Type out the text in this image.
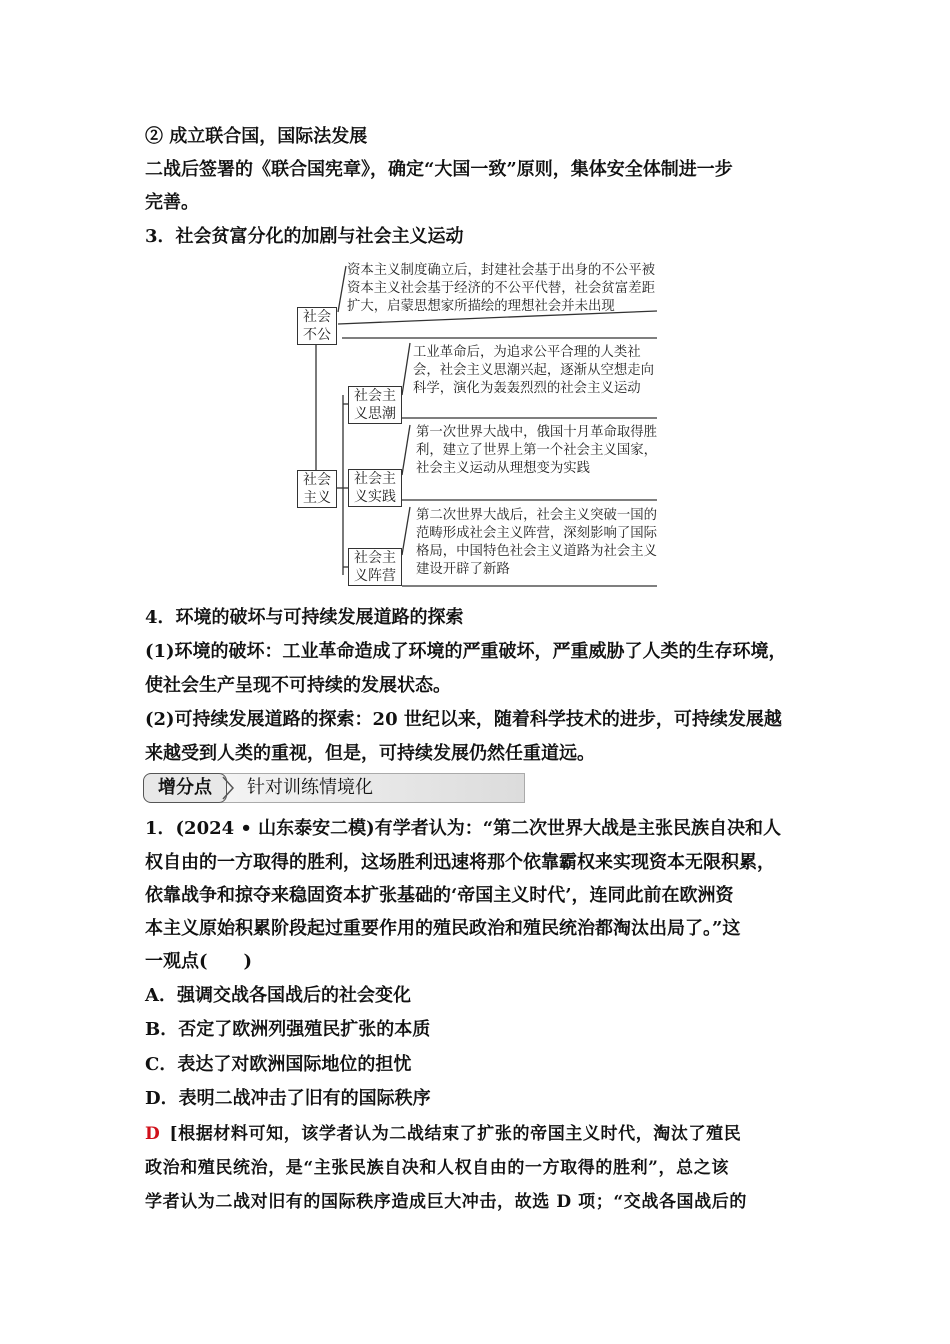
② 成立联合国，国际法发展
二战后签署的《联合国宪章》，确定“大国一致”原则，集体安全体制进一步
完善。
3．社会贫富分化的加剧与社会主义运动
社会不公
资本主义制度确立后，封建社会基于出身的不公平被资本主义社会基于经济的不公平代替，社会贫富差距扩大，启蒙思想家所描绘的理想社会并未出现
社会主义
社会主义思潮
工业革命后，为追求公平合理的人类社会，社会主义思潮兴起，逐渐从空想走向科学，演化为轰轰烈烈的社会主义运动
社会主义实践
第一次世界大战中，俄国十月革命取得胜利，建立了世界上第一个社会主义国家，社会主义运动从理想变为实践
社会主义阵营
第二次世界大战后，社会主义突破一国的范畴形成社会主义阵营，深刻影响了国际格局，中国特色社会主义道路为社会主义建设开辟了新路
4．环境的破坏与可持续发展道路的探索
(1)环境的破坏：工业革命造成了环境的严重破坏，严重威胁了人类的生存环境，
使社会生产呈现不可持续的发展状态。
(2)可持续发展道路的探索：20 世纪以来，随着科学技术的进步，可持续发展越
来越受到人类的重视，但是，可持续发展仍然任重道远。
增分点	针对训练情境化
1．(2024 • 山东泰安二模)有学者认为：“第二次世界大战是主张民族自决和人
权自由的一方取得的胜利，这场胜利迅速将那个依靠霸权来实现资本无限积累，
依靠战争和掠夺来稳固资本扩张基础的‘帝国主义时代’，连同此前在欧洲资
本主义原始积累阶段起过重要作用的殖民政治和殖民统治都淘汰出局了。”这
一观点(　　)
A．强调交战各国战后的社会变化
B．否定了欧洲列强殖民扩张的本质
C．表达了对欧洲国际地位的担忧
D．表明二战冲击了旧有的国际秩序
D  [根据材料可知，该学者认为二战结束了扩张的帝国主义时代，淘汰了殖民
政治和殖民统治，是“主张民族自决和人权自由的一方取得的胜利”，总之该
学者认为二战对旧有的国际秩序造成巨大冲击，故选 D 项；“交战各国战后的
